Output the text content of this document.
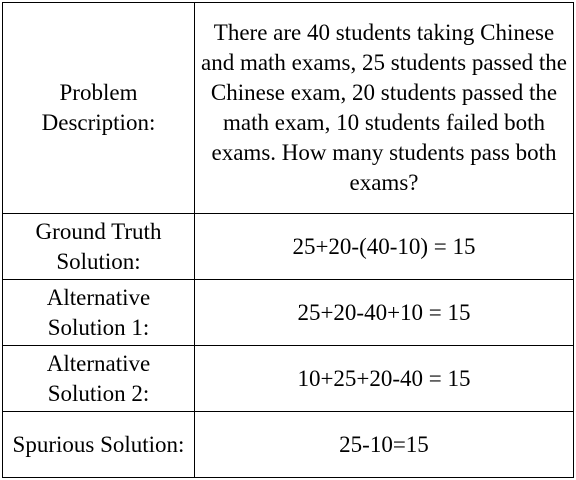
Problem Description:	There are 40 students taking Chinese and math exams, 25 students passed the Chinese exam, 20 students passed the math exam, 10 students failed both exams. How many students pass both exams?
Ground Truth Solution:	25+20-(40-10) = 15
Alternative Solution 1:	25+20-40+10 = 15
Alternative Solution 2:	10+25+20-40 = 15
Spurious Solution:	25-10=15
